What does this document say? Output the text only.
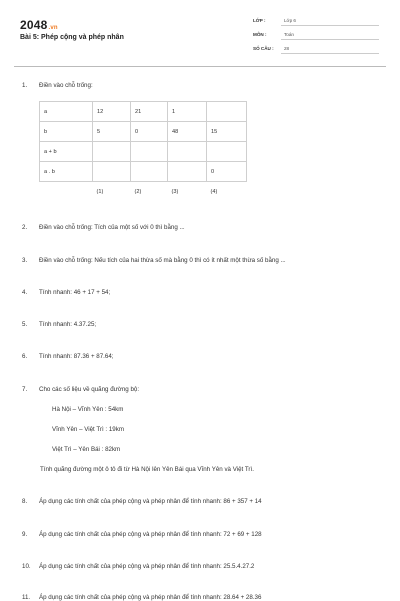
2048.vn
Bài 5: Phép cộng và phép nhân
LỚP :	Lớp 6
MÔN :	Toán
SỐ CÂU : 28
1. Điền vào chỗ trống:
a	12	21	1	
b	5	0	48	15
a + b				
a . b				0
	(1)	(2)	(3)	(4)
2. Điền vào chỗ trống: Tích của một số với 0 thì bằng ...
3. Điền vào chỗ trống: Nếu tích của hai thừa số mà bằng 0 thì có ít nhất một thừa số bằng ...
4. Tính nhanh: 46 + 17 + 54;
5. Tính nhanh: 4.37.25;
6. Tính nhanh: 87.36 + 87.64;
7. Cho các số liệu về quãng đường bộ:
Hà Nội – Vĩnh Yên : 54km
Vĩnh Yên – Việt Trì : 19km
Việt Trì – Yên Bái : 82km
Tính quãng đường một ô tô đi từ Hà Nội lên Yên Bái qua Vĩnh Yên và Việt Trì.
8. Áp dụng các tính chất của phép cộng và phép nhân để tính nhanh: 86 + 357 + 14
9. Áp dụng các tính chất của phép cộng và phép nhân để tính nhanh: 72 + 69 + 128
10. Áp dụng các tính chất của phép cộng và phép nhân để tính nhanh: 25.5.4.27.2
11. Áp dụng các tính chất của phép cộng và phép nhân để tính nhanh: 28.64 + 28.36
